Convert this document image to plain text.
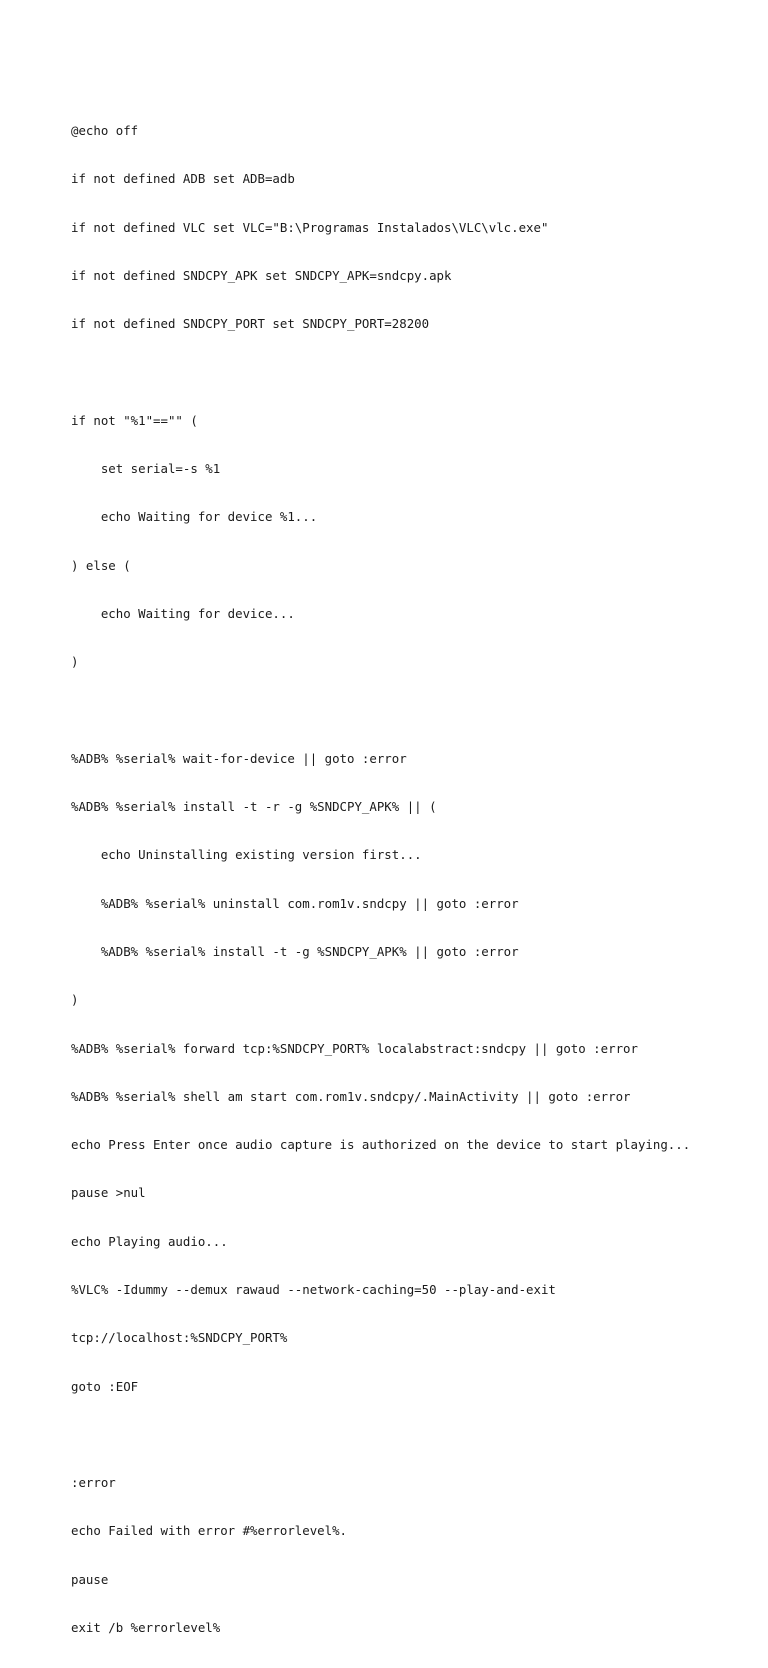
@echo off

if not defined ADB set ADB=adb

if not defined VLC set VLC="B:\Programas Instalados\VLC\vlc.exe"

if not defined SNDCPY_APK set SNDCPY_APK=sndcpy.apk

if not defined SNDCPY_PORT set SNDCPY_PORT=28200

if not "%1"=="" (

set serial=-s %1

echo Waiting for device %1...

) else (

echo Waiting for device...

)

%ADB% %serial% wait-for-device || goto :error

%ADB% %serial% install -t -r -g %SNDCPY_APK% || (

echo Uninstalling existing version first...

%ADB% %serial% uninstall com.rom1v.sndcpy || goto :error

%ADB% %serial% install -t -g %SNDCPY_APK% || goto :error

)

%ADB% %serial% forward tcp:%SNDCPY_PORT% localabstract:sndcpy || goto :error

%ADB% %serial% shell am start com.rom1v.sndcpy/.MainActivity || goto :error

echo Press Enter once audio capture is authorized on the device to start playing...

pause >nul

echo Playing audio...

%VLC% -Idummy --demux rawaud --network-caching=50 --play-and-exit

tcp://localhost:%SNDCPY_PORT%

goto :EOF

:error

echo Failed with error #%errorlevel%.

pause

exit /b %errorlevel%
